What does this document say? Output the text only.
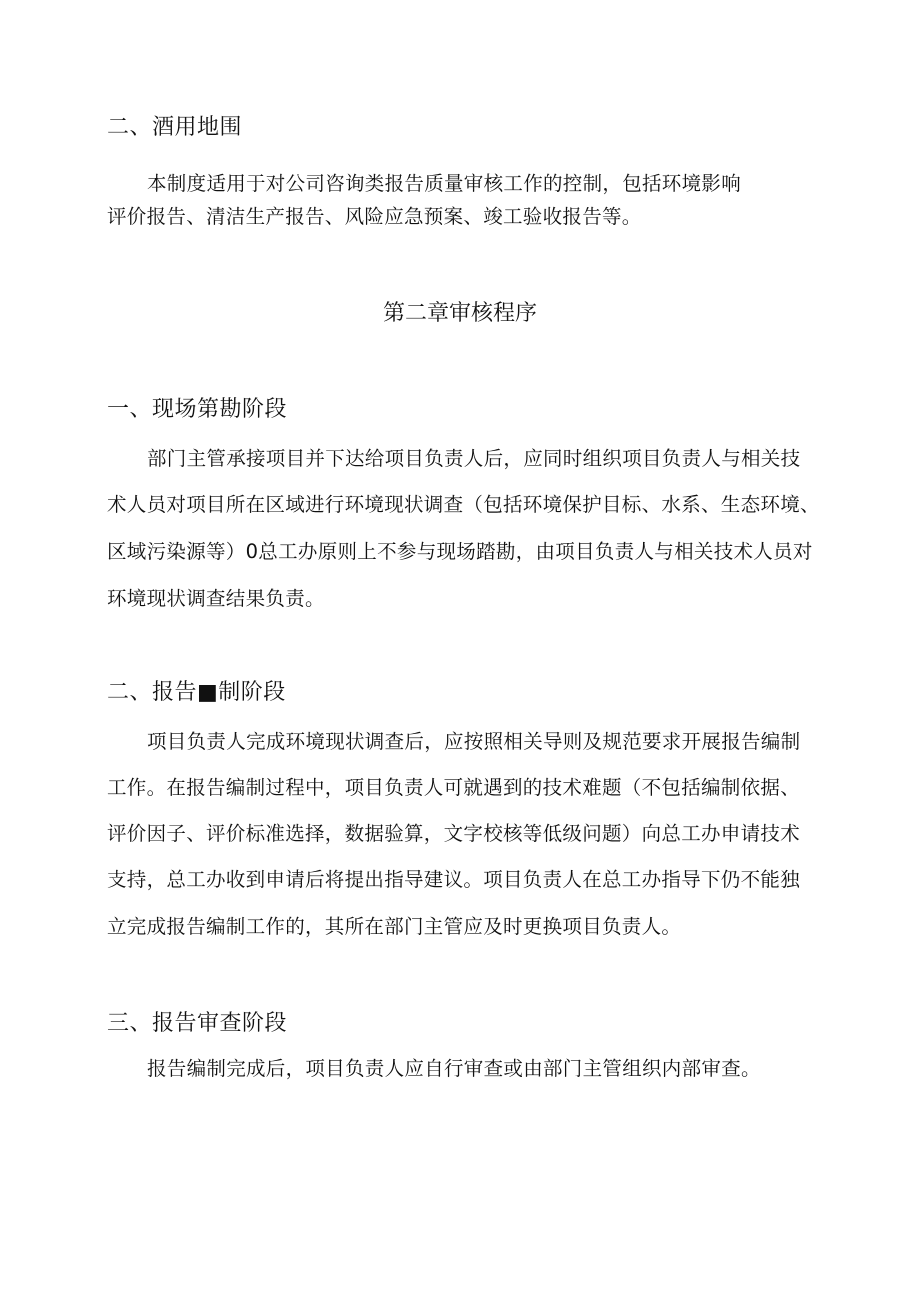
二、酒用地围
本制度适用于对公司咨询类报告质量审核工作的控制，包括环境影响
评价报告、清洁生产报告、风险应急预案、竣工验收报告等。
第二章审核程序
一、现场第勘阶段
部门主管承接项目并下达给项目负责人后，应同时组织项目负责人与相关技
术人员对项目所在区域进行环境现状调查（包括环境保护目标、水系、生态环境、
区域污染源等）0总工办原则上不参与现场踏勘，由项目负责人与相关技术人员对
环境现状调查结果负责。
二、报告■制阶段
项目负责人完成环境现状调查后，应按照相关导则及规范要求开展报告编制
工作。在报告编制过程中，项目负责人可就遇到的技术难题（不包括编制依据、
评价因子、评价标准选择，数据验算，文字校核等低级问题）向总工办申请技术
支持，总工办收到申请后将提出指导建议。项目负责人在总工办指导下仍不能独
立完成报告编制工作的，其所在部门主管应及时更换项目负责人。
三、报告审查阶段
报告编制完成后，项目负责人应自行审查或由部门主管组织内部审查。
